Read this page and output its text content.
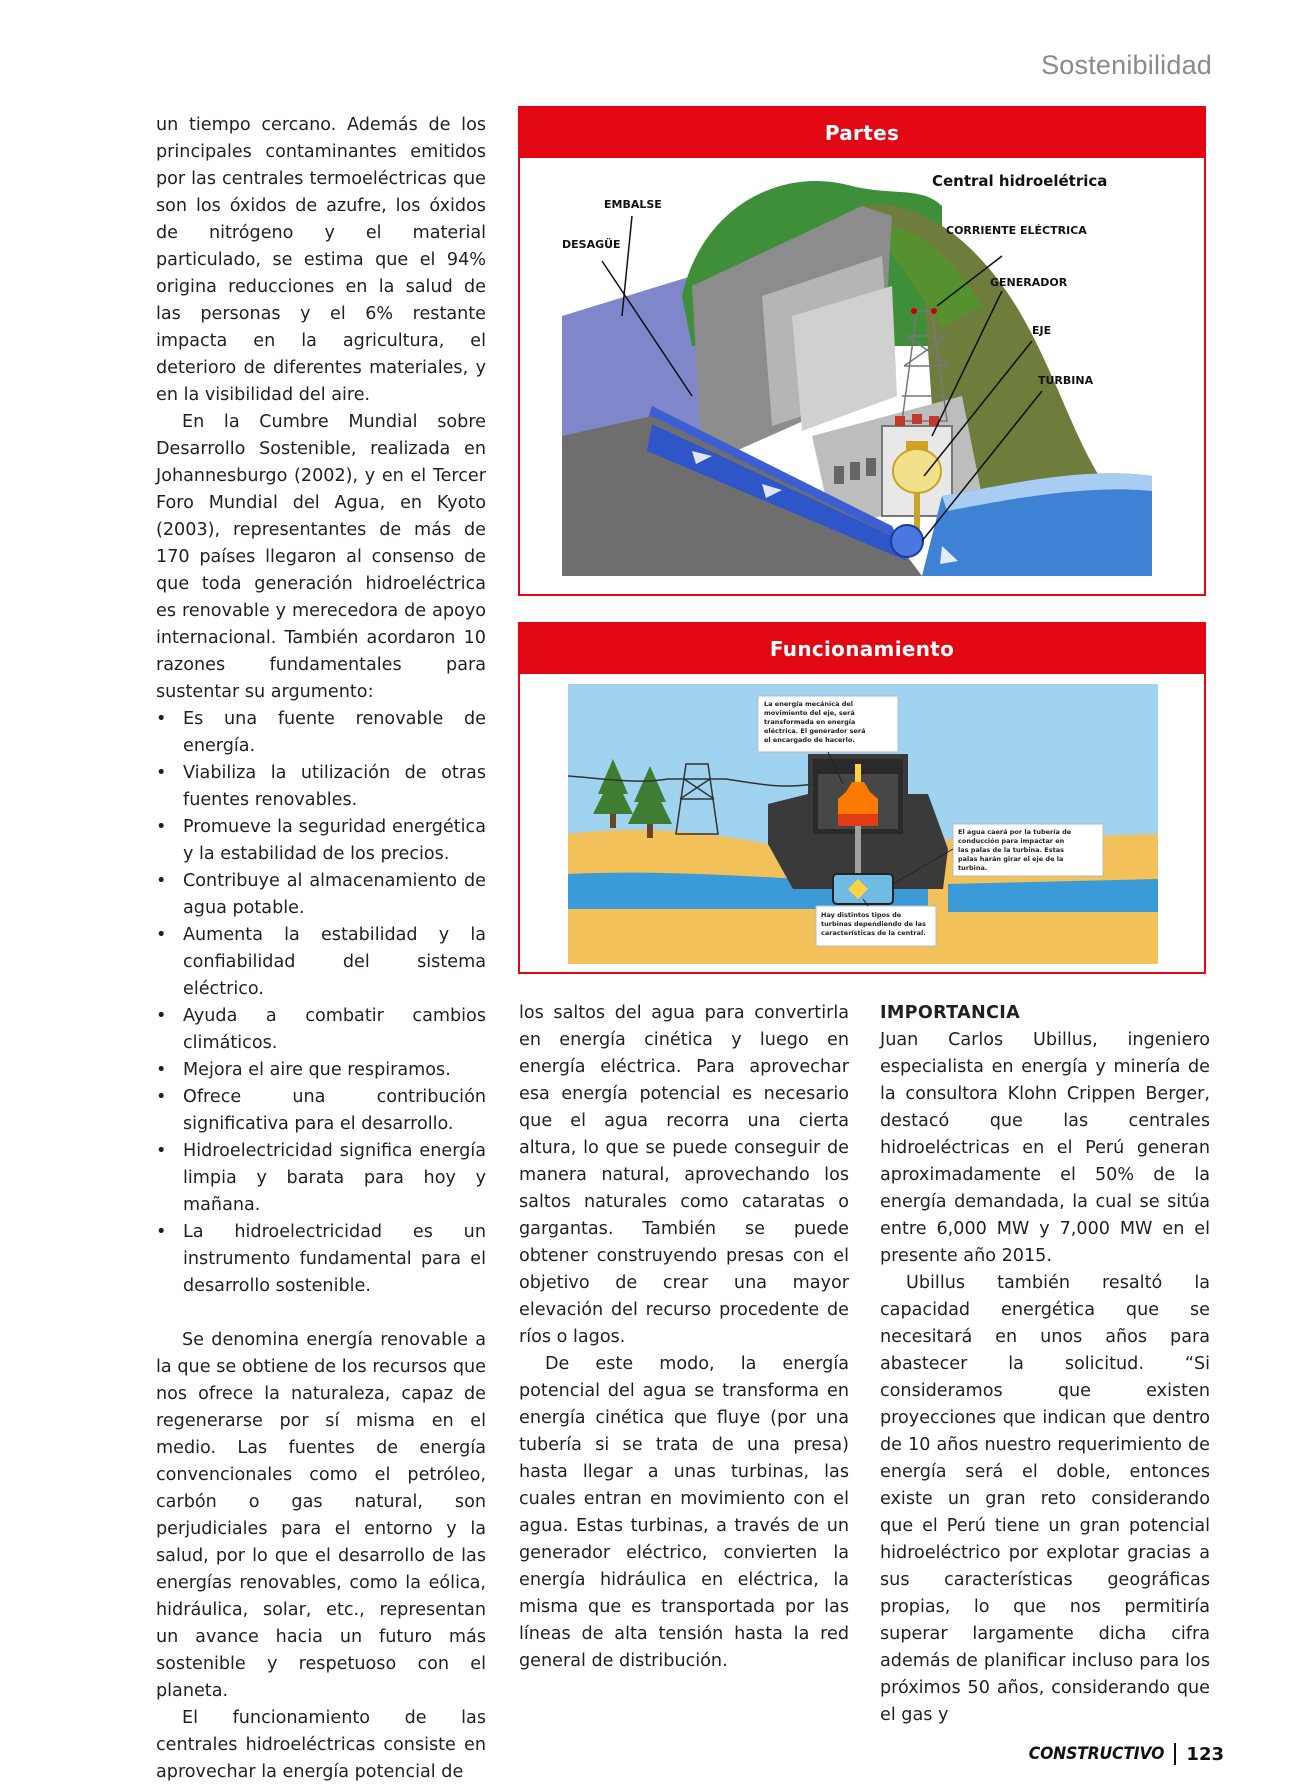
Sostenibilidad

un tiempo cercano. Además de los principales contaminantes emitidos por las centrales termoeléctricas que son los óxidos de azufre, los óxidos de nitrógeno y el material particulado, se estima que el 94% origina reducciones en la salud de las personas y el 6% restante impacta en la agricultura, el deterioro de diferentes materiales, y en la visibilidad del aire.

En la Cumbre Mundial sobre Desarrollo Sostenible, realizada en Johannesburgo (2002), y en el Tercer Foro Mundial del Agua, en Kyoto (2003), representantes de más de 170 países llegaron al consenso de que toda generación hidroeléctrica es renovable y merecedora de apoyo internacional. También acordaron 10 razones fundamentales para sustentar su argumento:

• Es una fuente renovable de energía.
• Viabiliza la utilización de otras fuentes renovables.
• Promueve la seguridad energética y la estabilidad de los precios.
• Contribuye al almacenamiento de agua potable.
• Aumenta la estabilidad y la confiabilidad del sistema eléctrico.
• Ayuda a combatir cambios climáticos.
• Mejora el aire que respiramos.
• Ofrece una contribución significativa para el desarrollo.
• Hidroelectricidad significa energía limpia y barata para hoy y mañana.
• La hidroelectricidad es un instrumento fundamental para el desarrollo sostenible.

Se denomina energía renovable a la que se obtiene de los recursos que nos ofrece la naturaleza, capaz de regenerarse por sí misma en el medio. Las fuentes de energía convencionales como el petróleo, carbón o gas natural, son perjudiciales para el entorno y la salud, por lo que el desarrollo de las energías renovables, como la eólica, hidráulica, solar, etc., representan un avance hacia un futuro más sostenible y respetuoso con el planeta.

El funcionamiento de las centrales hidroeléctricas consiste en aprovechar la energía potencial de

Partes
Central hidroelétrica
EMBALSE
DESAGÜE
CORRIENTE ELÉCTRICA
GENERADOR
EJE
TURBINA
Funcionamiento
La energía mecánica del movimiento del eje, será transformada en energía eléctrica. El generador será el encargado de hacerlo.
El agua caerá por la tubería de conducción para impactar en las palas de la turbina. Estas palas harán girar el eje de la turbina.
Hay distintos tipos de turbinas dependiendo de las características de la central.

los saltos del agua para convertirla en energía cinética y luego en energía eléctrica. Para aprovechar esa energía potencial es necesario que el agua recorra una cierta altura, lo que se puede conseguir de manera natural, aprovechando los saltos naturales como cataratas o gargantas. También se puede obtener construyendo presas con el objetivo de crear una mayor elevación del recurso procedente de ríos o lagos.

De este modo, la energía potencial del agua se transforma en energía cinética que fluye (por una tubería si se trata de una presa) hasta llegar a unas turbinas, las cuales entran en movimiento con el agua. Estas turbinas, a través de un generador eléctrico, convierten la energía hidráulica en eléctrica, la misma que es transportada por las líneas de alta tensión hasta la red general de distribución.

IMPORTANCIA

Juan Carlos Ubillus, ingeniero especialista en energía y minería de la consultora Klohn Crippen Berger, destacó que las centrales hidroeléctricas en el Perú generan aproximadamente el 50% de la energía demandada, la cual se sitúa entre 6,000 MW y 7,000 MW en el presente año 2015.

Ubillus también resaltó la capacidad energética que se necesitará en unos años para abastecer la solicitud. “Si consideramos que existen proyecciones que indican que dentro de 10 años nuestro requerimiento de energía será el doble, entonces existe un gran reto considerando que el Perú tiene un gran potencial hidroeléctrico por explotar gracias a sus características geográficas propias, lo que nos permitiría superar largamente dicha cifra además de planificar incluso para los próximos 50 años, considerando que el gas y

CONSTRUCTIVO 123
